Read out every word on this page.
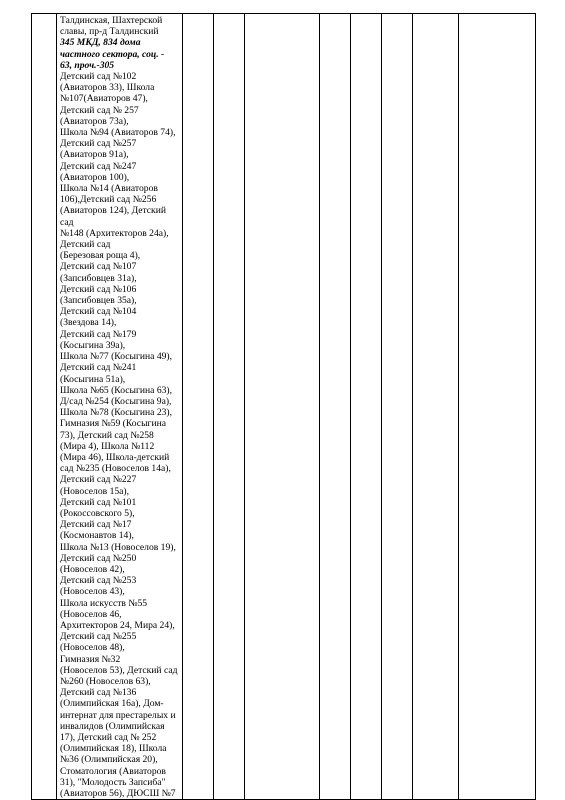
Талдинская, Шахтерской
славы, пр-д Талдинский

345 МКД, 834 дома
частного сектора, соц. -
63, проч.-305

Детский сад №102
(Авиаторов 33), Школа
№107(Авиаторов 47),
Детский сад № 257
(Авиаторов 73а),
Школа №94 (Авиаторов 74),
Детский сад №257
(Авиаторов 91а),
Детский сад №247
(Авиаторов 100),
Школа №14 (Авиаторов
106),Детский сад №256
(Авиаторов 124), Детский сад
№148 (Архитекторов 24а),
Детский сад
(Березовая роща 4),
Детский сад №107
(Запсибовцев 31а),
Детский сад №106
(Запсибовцев 35а),
Детский сад №104
(Звездова 14),
Детский сад №179
(Косыгина 39а),
Школа №77 (Косыгина 49),
Детский сад №241
(Косыгина 51а),
Школа №65 (Косыгина 63),
Д/сад №254 (Косыгина 9а),
Школа №78 (Косыгина 23),
Гимназия №59 (Косыгина
73), Детский сад №258
(Мира 4), Школа №112
(Мира 46), Школа-детский
сад №235 (Новоселов 14а),
Детский сад №227
(Новоселов 15а),
Детский сад №101
(Рокоссовского 5),
Детский сад №17
(Космонавтов 14),
Школа №13 (Новоселов 19),
Детский сад №250
(Новоселов 42),
Детский сад №253
(Новоселов 43),
Школа искусств №55
(Новоселов 46,
Архитекторов 24, Мира 24),
Детский сад №255
(Новоселов 48),
Гимназия №32
(Новоселов 53), Детский сад
№260 (Новоселов 63),
Детский сад №136
(Олимпийская 16а), Дом-
интернат для престарелых и
инвалидов (Олимпийская
17), Детский сад № 252
(Олимпийская 18), Школа
№36 (Олимпийская 20),
Стоматология (Авиаторов
31), "Молодость Запсиба"
(Авиаторов 56), ДЮСШ №7
